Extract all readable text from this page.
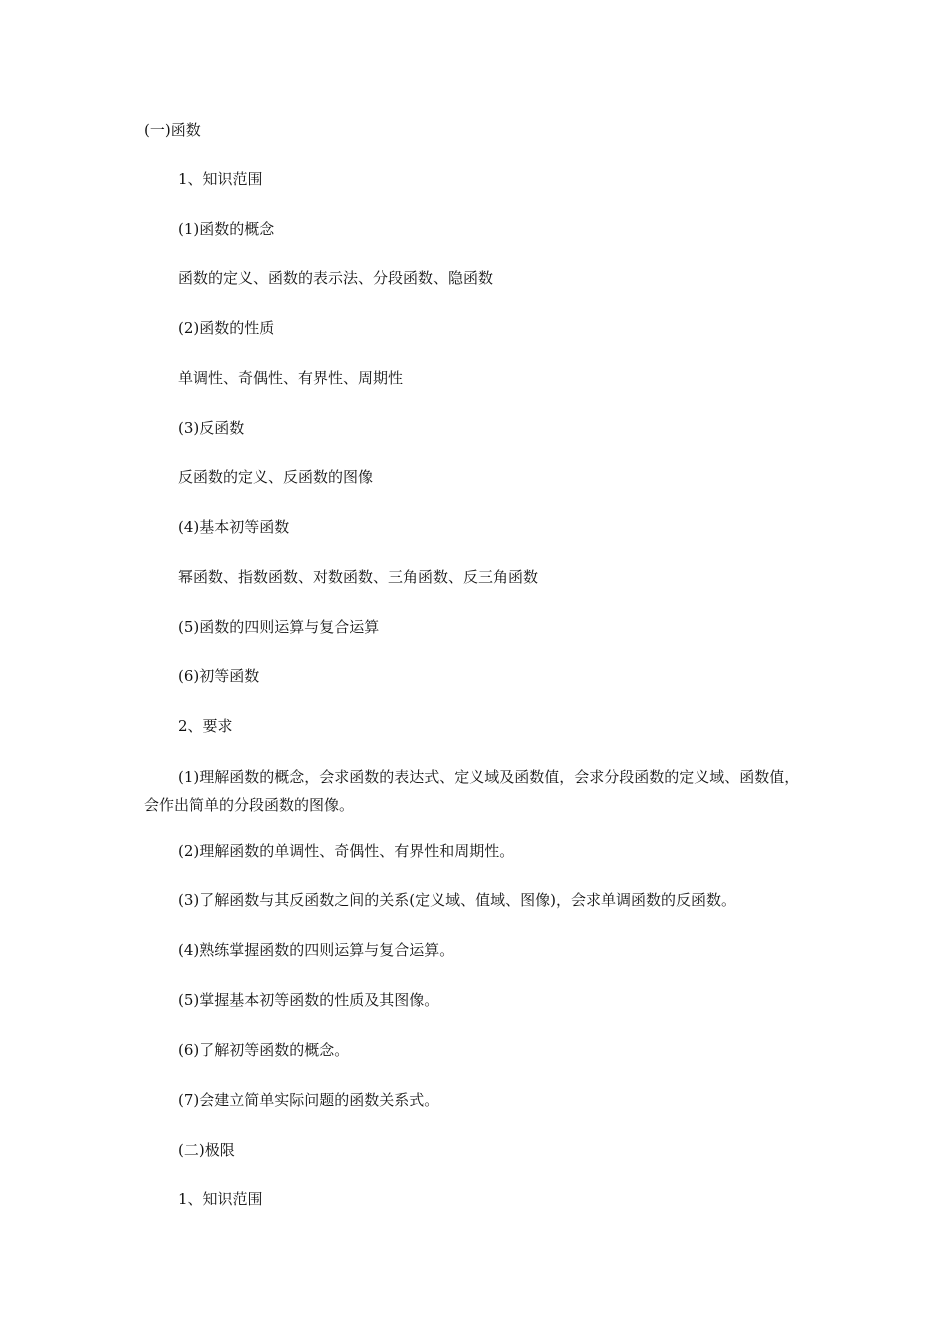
(一)函数

1、知识范围

(1)函数的概念

函数的定义、函数的表示法、分段函数、隐函数

(2)函数的性质

单调性、奇偶性、有界性、周期性

(3)反函数

反函数的定义、反函数的图像

(4)基本初等函数

幂函数、指数函数、对数函数、三角函数、反三角函数

(5)函数的四则运算与复合运算

(6)初等函数

2、要求

(1)理解函数的概念，会求函数的表达式、定义域及函数值，会求分段函数的定义域、函数值，会作出简单的分段函数的图像。

(2)理解函数的单调性、奇偶性、有界性和周期性。

(3)了解函数与其反函数之间的关系(定义域、值域、图像)，会求单调函数的反函数。

(4)熟练掌握函数的四则运算与复合运算。

(5)掌握基本初等函数的性质及其图像。

(6)了解初等函数的概念。

(7)会建立简单实际问题的函数关系式。

(二)极限

1、知识范围
